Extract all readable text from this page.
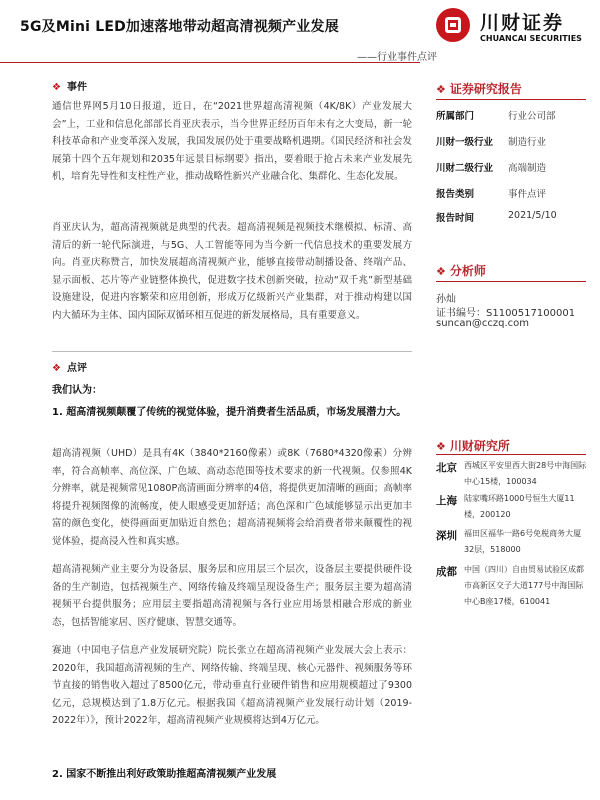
5G及Mini LED加速落地带动超高清视频产业发展
——行业事件点评
川财证券
CHUANCAI SECURITIES
❖ 事件
通信世界网5月10日报道，近日，在“2021世界超高清视频（4K/8K）产业发展大会”上，工业和信息化部部长肖亚庆表示，当今世界正经历百年未有之大变局，新一轮科技革命和产业变革深入发展，我国发展仍处于重要战略机遇期。《国民经济和社会发展第十四个五年规划和2035年远景目标纲要》指出，要着眼于抢占未来产业发展先机，培育先导性和支柱性产业，推动战略性新兴产业融合化、集群化、生态化发展。
肖亚庆认为，超高清视频就是典型的代表。超高清视频是视频技术继模拟、标清、高清后的新一轮代际演进，与5G、人工智能等同为当今新一代信息技术的重要发展方向。肖亚庆称赞言，加快发展超高清视频产业，能够直接带动制播设备、终端产品、显示面板、芯片等产业链整体换代，促进数字技术创新突破，拉动“双千兆”新型基础设施建设，促进内容繁荣和应用创新，形成万亿级新兴产业集群，对于推动构建以国内大循环为主体、国内国际双循环相互促进的新发展格局，具有重要意义。
❖ 点评
我们认为：
1. 超高清视频颠覆了传统的视觉体验，提升消费者生活品质，市场发展潜力大。
超高清视频（UHD）是具有4K（3840*2160像素）或8K（7680*4320像素）分辨率，符合高帧率、高位深、广色域、高动态范围等技术要求的新一代视频。仅参照4K分辨率，就是视频常见1080P高清画面分辨率的4倍，将提供更加清晰的画面；高帧率将提升视频图像的流畅度，使人眼感受更加舒适；高色深和广色域能够显示出更加丰富的颜色变化，使得画面更加贴近自然色；超高清视频将会给消费者带来颠覆性的视觉体验，提高浸入性和真实感。
超高清视频产业主要分为设备层、服务层和应用层三个层次，设备层主要提供硬件设备的生产制造，包括视频生产、网络传输及终端呈现设备生产；服务层主要为超高清视频平台提供服务；应用层主要指超高清视频与各行业应用场景相融合形成的新业态，包括智能家居、医疗健康、智慧交通等。
赛迪（中国电子信息产业发展研究院）院长张立在超高清视频产业发展大会上表示：2020年，我国超高清视频的生产、网络传输、终端呈现、核心元器件、视频服务等环节直接的销售收入超过了8500亿元，带动垂直行业硬件销售和应用规模超过了9300亿元，总规模达到了1.8万亿元。根据我国《超高清视频产业发展行动计划（2019-2022年）》，预计2022年，超高清视频产业规模将达到4万亿元。
2. 国家不断推出利好政策助推超高清视频产业发展
❖ 证券研究报告
所属部门	行业公司部
川财一级行业 制造行业
川财二级行业 高端制造
报告类别	事件点评
报告时间	2021/5/10
❖ 分析师
孙灿
证书编号：S1100517100001
suncan@cczq.com
❖ 川财研究所
北京 西城区平安里西大街28号中海国际中心15楼，100034
上海 陆家嘴环路1000号恒生大厦11楼，200120
深圳 福田区福华一路6号免税商务大厦32层，518000
成都 中国（四川）自由贸易试验区成都市高新区交子大道177号中海国际中心B座17楼，610041
